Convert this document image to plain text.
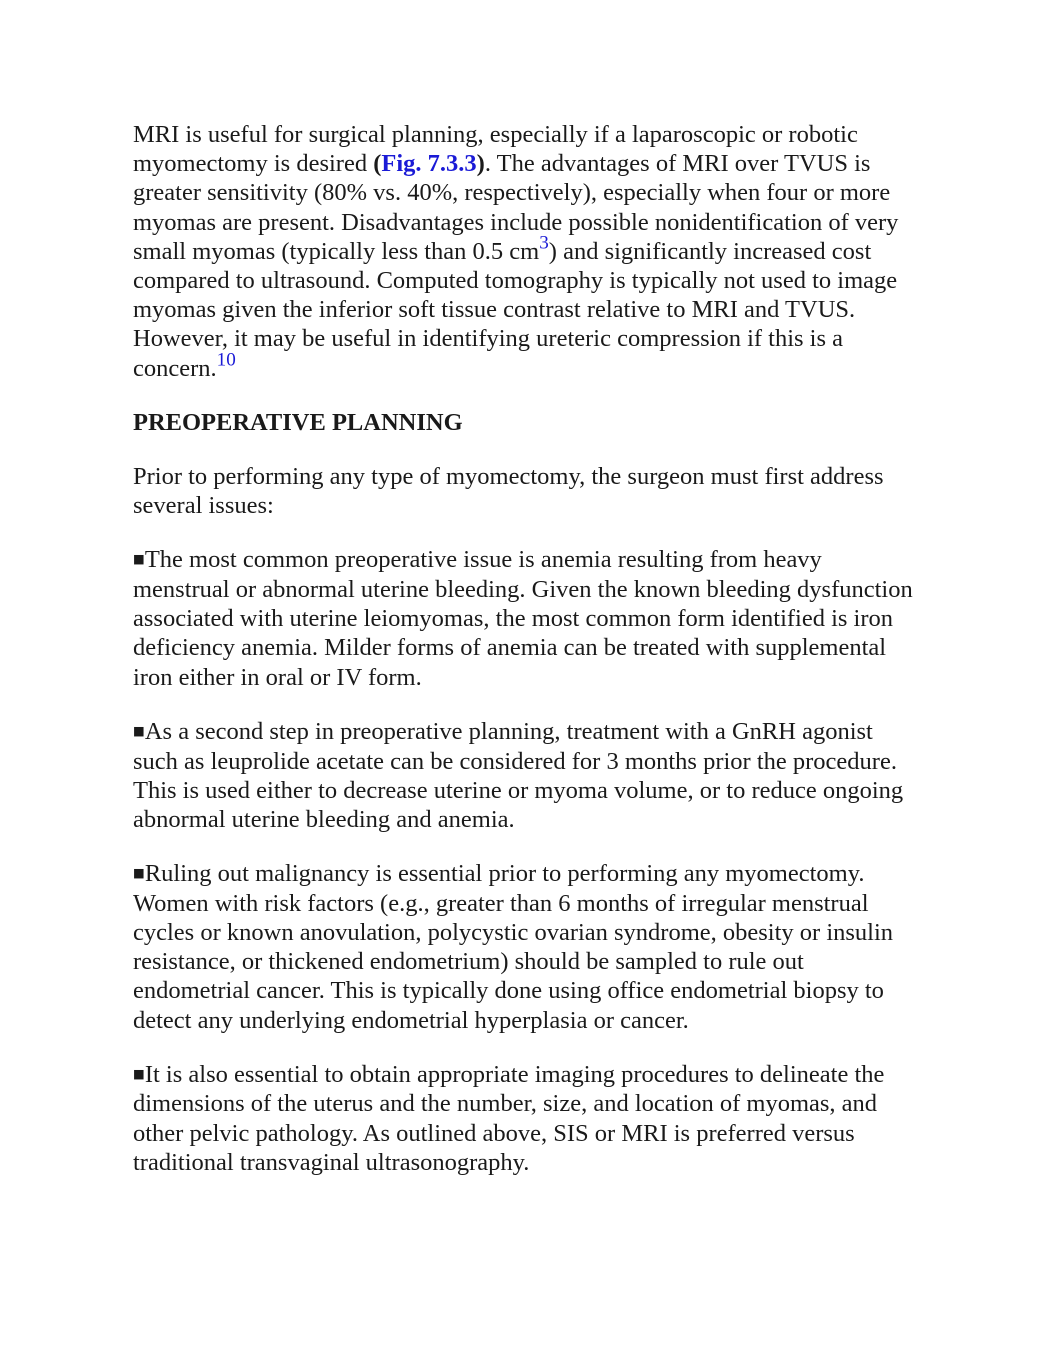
MRI is useful for surgical planning, especially if a laparoscopic or robotic myomectomy is desired (Fig. 7.3.3). The advantages of MRI over TVUS is greater sensitivity (80% vs. 40%, respectively), especially when four or more myomas are present. Disadvantages include possible nonidentification of very small myomas (typically less than 0.5 cm$^3$) and significantly increased cost compared to ultrasound. Computed tomography is typically not used to image myomas given the inferior soft tissue contrast relative to MRI and TVUS. However, it may be useful in identifying ureteric compression if this is a concern.$^{10}$

PREOPERATIVE PLANNING

Prior to performing any type of myomectomy, the surgeon must first address several issues:

■The most common preoperative issue is anemia resulting from heavy menstrual or abnormal uterine bleeding. Given the known bleeding dysfunction associated with uterine leiomyomas, the most common form identified is iron deficiency anemia. Milder forms of anemia can be treated with supplemental iron either in oral or IV form.

■As a second step in preoperative planning, treatment with a GnRH agonist such as leuprolide acetate can be considered for 3 months prior the procedure. This is used either to decrease uterine or myoma volume, or to reduce ongoing abnormal uterine bleeding and anemia.

■Ruling out malignancy is essential prior to performing any myomectomy. Women with risk factors (e.g., greater than 6 months of irregular menstrual cycles or known anovulation, polycystic ovarian syndrome, obesity or insulin resistance, or thickened endometrium) should be sampled to rule out endometrial cancer. This is typically done using office endometrial biopsy to detect any underlying endometrial hyperplasia or cancer.

■It is also essential to obtain appropriate imaging procedures to delineate the dimensions of the uterus and the number, size, and location of myomas, and other pelvic pathology. As outlined above, SIS or MRI is preferred versus traditional transvaginal ultrasonography.
